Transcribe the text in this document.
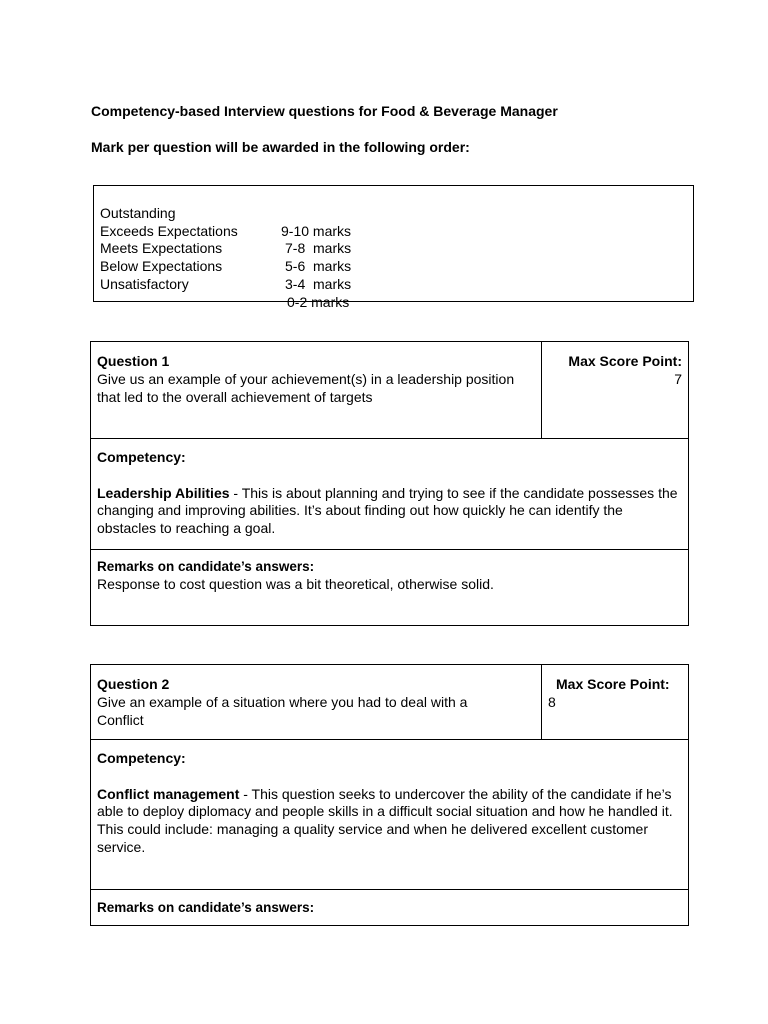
Competency-based Interview questions for Food & Beverage Manager

Mark per question will be awarded in the following order:

Outstanding

9-10 marks

Exceeds Expectations

7-8  marks

Meets Expectations

5-6  marks

Below Expectations

3-4  marks

Unsatisfactory

0-2 marks

Question 1

Give us an example of your achievement(s) in a leadership position that led to the overall achievement of targets

Max Score Point:

7

Competency:

Leadership Abilities - This is about planning and trying to see if the candidate possesses the changing and improving abilities. It’s about finding out how quickly he can identify the obstacles to reaching a goal.

Remarks on candidate’s answers:

Response to cost question was a bit theoretical, otherwise solid.

Question 2

Give an example of a situation where you had to deal with a Conflict

Max Score Point:

8

Competency:

Conflict management - This question seeks to undercover the ability of the candidate if he’s able to deploy diplomacy and people skills in a difficult social situation and how he handled it. This could include: managing a quality service and when he delivered excellent customer service.

Remarks on candidate’s answers:
